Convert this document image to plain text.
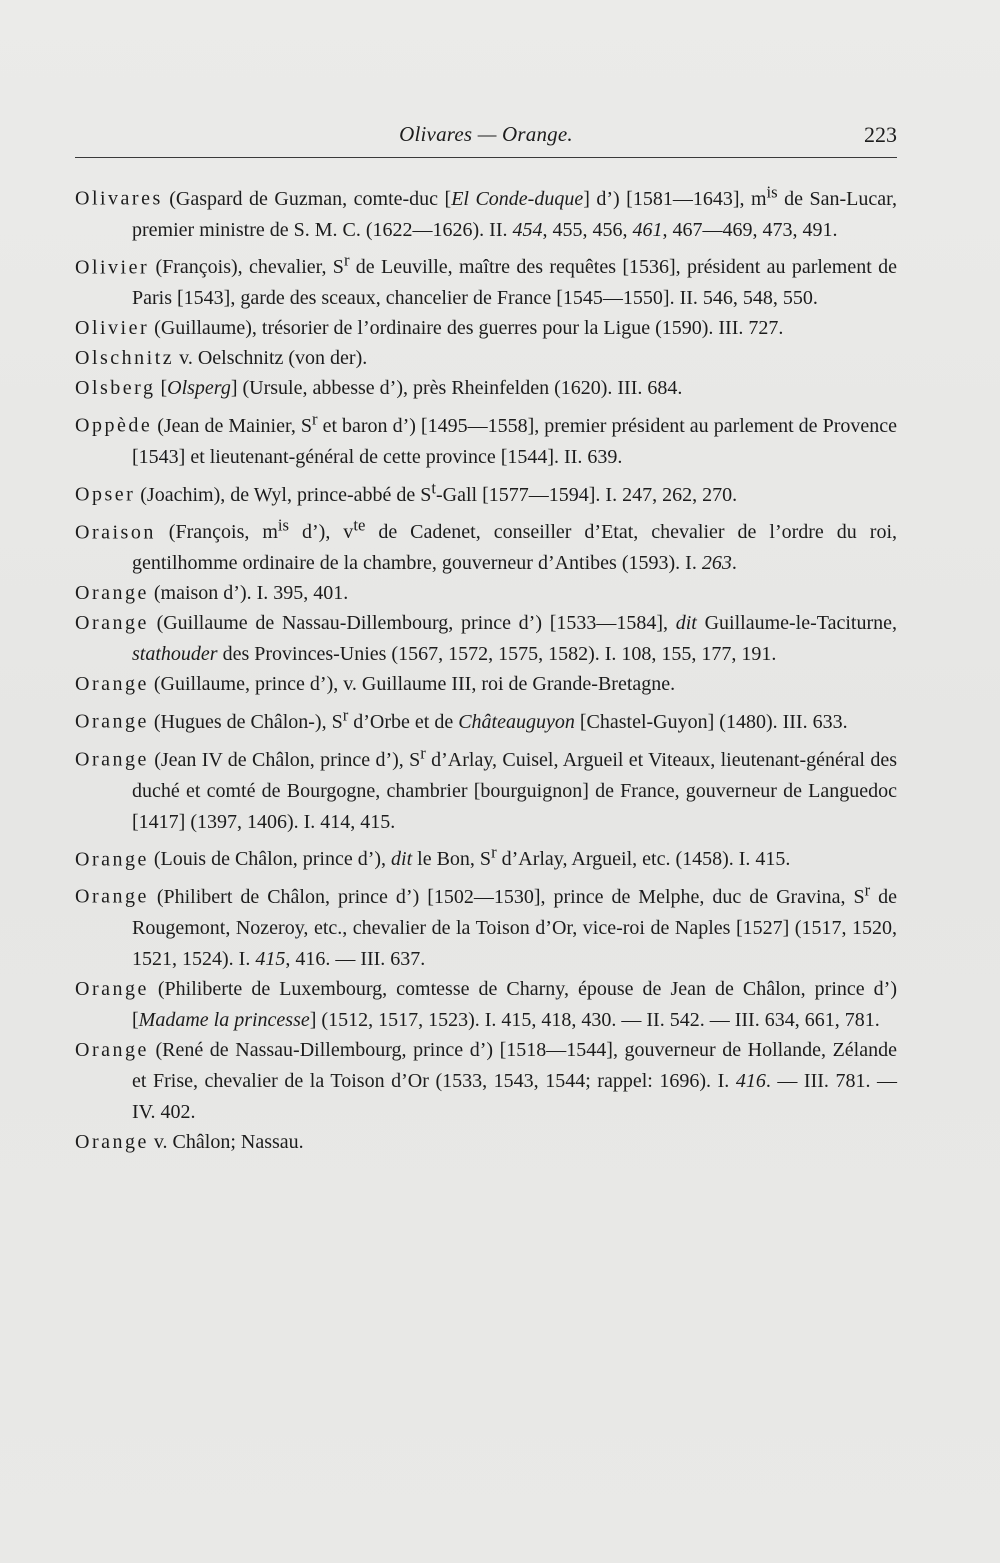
Olivares — Orange.	223

Olivares (Gaspard de Guzman, comte-duc [El Conde-duque] d’) [1581—1643], $m^{is}$ de San-Lucar, premier ministre de S. M. C. (1622—1626). II. 454, 455, 456, 461, 467—469, 473, 491.

Olivier (François), chevalier, $S^r$ de Leuville, maître des requêtes [1536], président au parlement de Paris [1543], garde des sceaux, chancelier de France [1545—1550]. II. 546, 548, 550.

Olivier (Guillaume), trésorier de l’ordinaire des guerres pour la Ligue (1590). III. 727.

Olschnitz v. Oelschnitz (von der).

Olsberg [Olsperg] (Ursule, abbesse d’), près Rheinfelden (1620). III. 684.

Oppède (Jean de Mainier, $S^r$ et baron d’) [1495—1558], premier président au parlement de Provence [1543] et lieutenant-général de cette province [1544]. II. 639.

Opser (Joachim), de Wyl, prince-abbé de $S^t$-Gall [1577—1594]. I. 247, 262, 270.

Oraison (François, $m^{is}$ d’), $v^{te}$ de Cadenet, conseiller d’Etat, chevalier de l’ordre du roi, gentilhomme ordinaire de la chambre, gouverneur d’Antibes (1593). I. 263.

Orange (maison d’). I. 395, 401.

Orange (Guillaume de Nassau-Dillembourg, prince d’) [1533—1584], dit Guillaume-le-Taciturne, stathouder des Provinces-Unies (1567, 1572, 1575, 1582). I. 108, 155, 177, 191.

Orange (Guillaume, prince d’), v. Guillaume III, roi de Grande-Bretagne.

Orange (Hugues de Châlon-), $S^r$ d’Orbe et de Châteauguyon [Chastel-Guyon] (1480). III. 633.

Orange (Jean IV de Châlon, prince d’), $S^r$ d’Arlay, Cuisel, Argueil et Viteaux, lieutenant-général des duché et comté de Bourgogne, chambrier [bourguignon] de France, gouverneur de Languedoc [1417] (1397, 1406). I. 414, 415.

Orange (Louis de Châlon, prince d’), dit le Bon, $S^r$ d’Arlay, Argueil, etc. (1458). I. 415.

Orange (Philibert de Châlon, prince d’) [1502—1530], prince de Melphe, duc de Gravina, $S^r$ de Rougemont, Nozeroy, etc., chevalier de la Toison d’Or, vice-roi de Naples [1527] (1517, 1520, 1521, 1524). I. 415, 416. — III. 637.

Orange (Philiberte de Luxembourg, comtesse de Charny, épouse de Jean de Châlon, prince d’) [Madame la princesse] (1512, 1517, 1523). I. 415, 418, 430. — II. 542. — III. 634, 661, 781.

Orange (René de Nassau-Dillembourg, prince d’) [1518—1544], gouverneur de Hollande, Zélande et Frise, chevalier de la Toison d’Or (1533, 1543, 1544; rappel: 1696). I. 416. — III. 781. — IV. 402.

Orange v. Châlon; Nassau.
